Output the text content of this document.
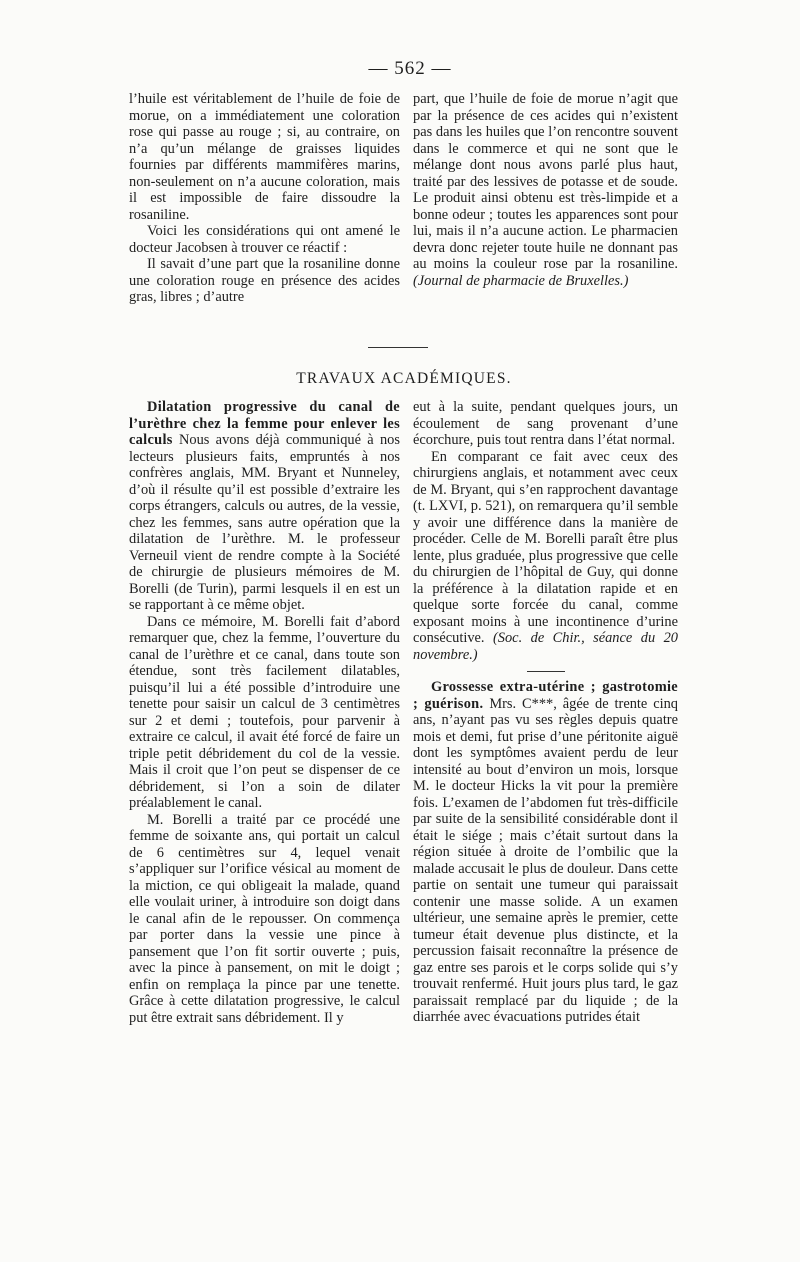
— 562 —

l’huile est véritablement de l’huile de foie de morue, on a immédiatement une coloration rose qui passe au rouge ; si, au contraire, on n’a qu’un mélange de graisses liquides fournies par différents mammifères marins, non-seulement on n’a aucune coloration, mais il est impossible de faire dissoudre la rosaniline.

Voici les considérations qui ont amené le docteur Jacobsen à trouver ce réactif :

Il savait d’une part que la rosaniline donne une coloration rouge en présence des acides gras, libres ; d’autre

part, que l’huile de foie de morue n’agit que par la présence de ces acides qui n’existent pas dans les huiles que l’on rencontre souvent dans le commerce et qui ne sont que le mélange dont nous avons parlé plus haut, traité par des lessives de potasse et de soude. Le produit ainsi obtenu est très-limpide et a bonne odeur ; toutes les apparences sont pour lui, mais il n’a aucune action. Le pharmacien devra donc rejeter toute huile ne donnant pas au moins la couleur rose par la rosaniline. (Journal de pharmacie de Bruxelles.)

TRAVAUX ACADÉMIQUES.

Dilatation progressive du canal de l’urèthre chez la femme pour enlever les calculs Nous avons déjà communiqué à nos lecteurs plusieurs faits, empruntés à nos confrères anglais, MM. Bryant et Nunneley, d’où il résulte qu’il est possible d’extraire les corps étrangers, calculs ou autres, de la vessie, chez les femmes, sans autre opération que la dilatation de l’urèthre. M. le professeur Verneuil vient de rendre compte à la Société de chirurgie de plusieurs mémoires de M. Borelli (de Turin), parmi lesquels il en est un se rapportant à ce même objet.

Dans ce mémoire, M. Borelli fait d’abord remarquer que, chez la femme, l’ouverture du canal de l’urèthre et ce canal, dans toute son étendue, sont très facilement dilatables, puisqu’il lui a été possible d’introduire une tenette pour saisir un calcul de 3 centimètres sur 2 et demi ; toutefois, pour parvenir à extraire ce calcul, il avait été forcé de faire un triple petit débridement du col de la vessie. Mais il croit que l’on peut se dispenser de ce débridement, si l’on a soin de dilater préalablement le canal.

M. Borelli a traité par ce procédé une femme de soixante ans, qui portait un calcul de 6 centimètres sur 4, lequel venait s’appliquer sur l’orifice vésical au moment de la miction, ce qui obligeait la malade, quand elle voulait uriner, à introduire son doigt dans le canal afin de le repousser. On commença par porter dans la vessie une pince à pansement que l’on fit sortir ouverte ; puis, avec la pince à pansement, on mit le doigt ; enfin on remplaça la pince par une tenette. Grâce à cette dilatation progressive, le calcul put être extrait sans débridement. Il y

eut à la suite, pendant quelques jours, un écoulement de sang provenant d’une écorchure, puis tout rentra dans l’état normal.

En comparant ce fait avec ceux des chirurgiens anglais, et notamment avec ceux de M. Bryant, qui s’en rapprochent davantage (t. LXVI, p. 521), on remarquera qu’il semble y avoir une différence dans la manière de procéder. Celle de M. Borelli paraît être plus lente, plus graduée, plus progressive que celle du chirurgien de l’hôpital de Guy, qui donne la préférence à la dilatation rapide et en quelque sorte forcée du canal, comme exposant moins à une incontinence d’urine consécutive. (Soc. de Chir., séance du 20 novembre.)

Grossesse extra-utérine ; gastrotomie ; guérison. Mrs. C***, âgée de trente cinq ans, n’ayant pas vu ses règles depuis quatre mois et demi, fut prise d’une péritonite aiguë dont les symptômes avaient perdu de leur intensité au bout d’environ un mois, lorsque M. le docteur Hicks la vit pour la première fois. L’examen de l’abdomen fut très-difficile par suite de la sensibilité considérable dont il était le siége ; mais c’était surtout dans la région située à droite de l’ombilic que la malade accusait le plus de douleur. Dans cette partie on sentait une tumeur qui paraissait contenir une masse solide. A un examen ultérieur, une semaine après le premier, cette tumeur était devenue plus distincte, et la percussion faisait reconnaître la présence de gaz entre ses parois et le corps solide qui s’y trouvait renfermé. Huit jours plus tard, le gaz paraissait remplacé par du liquide ; de la diarrhée avec évacuations putrides était
